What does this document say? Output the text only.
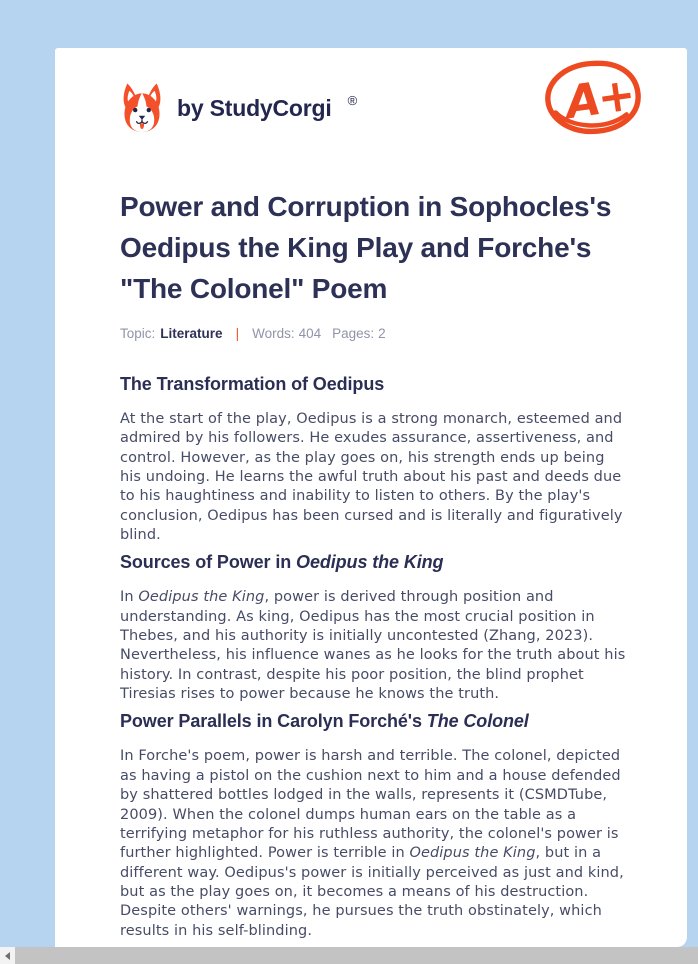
by StudyCorgi ®	A+
Power and Corruption in Sophocles's Oedipus the King Play and Forche's "The Colonel" Poem
Topic: Literature | Words: 404 Pages: 2
The Transformation of Oedipus

At the start of the play, Oedipus is a strong monarch, esteemed and admired by his followers. He exudes assurance, assertiveness, and control. However, as the play goes on, his strength ends up being his undoing. He learns the awful truth about his past and deeds due to his haughtiness and inability to listen to others. By the play's conclusion, Oedipus has been cursed and is literally and figuratively blind.

Sources of Power in Oedipus the King

In Oedipus the King, power is derived through position and understanding. As king, Oedipus has the most crucial position in Thebes, and his authority is initially uncontested (Zhang, 2023). Nevertheless, his influence wanes as he looks for the truth about his history. In contrast, despite his poor position, the blind prophet Tiresias rises to power because he knows the truth.

Power Parallels in Carolyn Forché's The Colonel

In Forche's poem, power is harsh and terrible. The colonel, depicted as having a pistol on the cushion next to him and a house defended by shattered bottles lodged in the walls, represents it (CSMDTube, 2009). When the colonel dumps human ears on the table as a terrifying metaphor for his ruthless authority, the colonel's power is further highlighted. Power is terrible in Oedipus the King, but in a different way. Oedipus's power is initially perceived as just and kind, but as the play goes on, it becomes a means of his destruction. Despite others' warnings, he pursues the truth obstinately, which results in his self-blinding.
